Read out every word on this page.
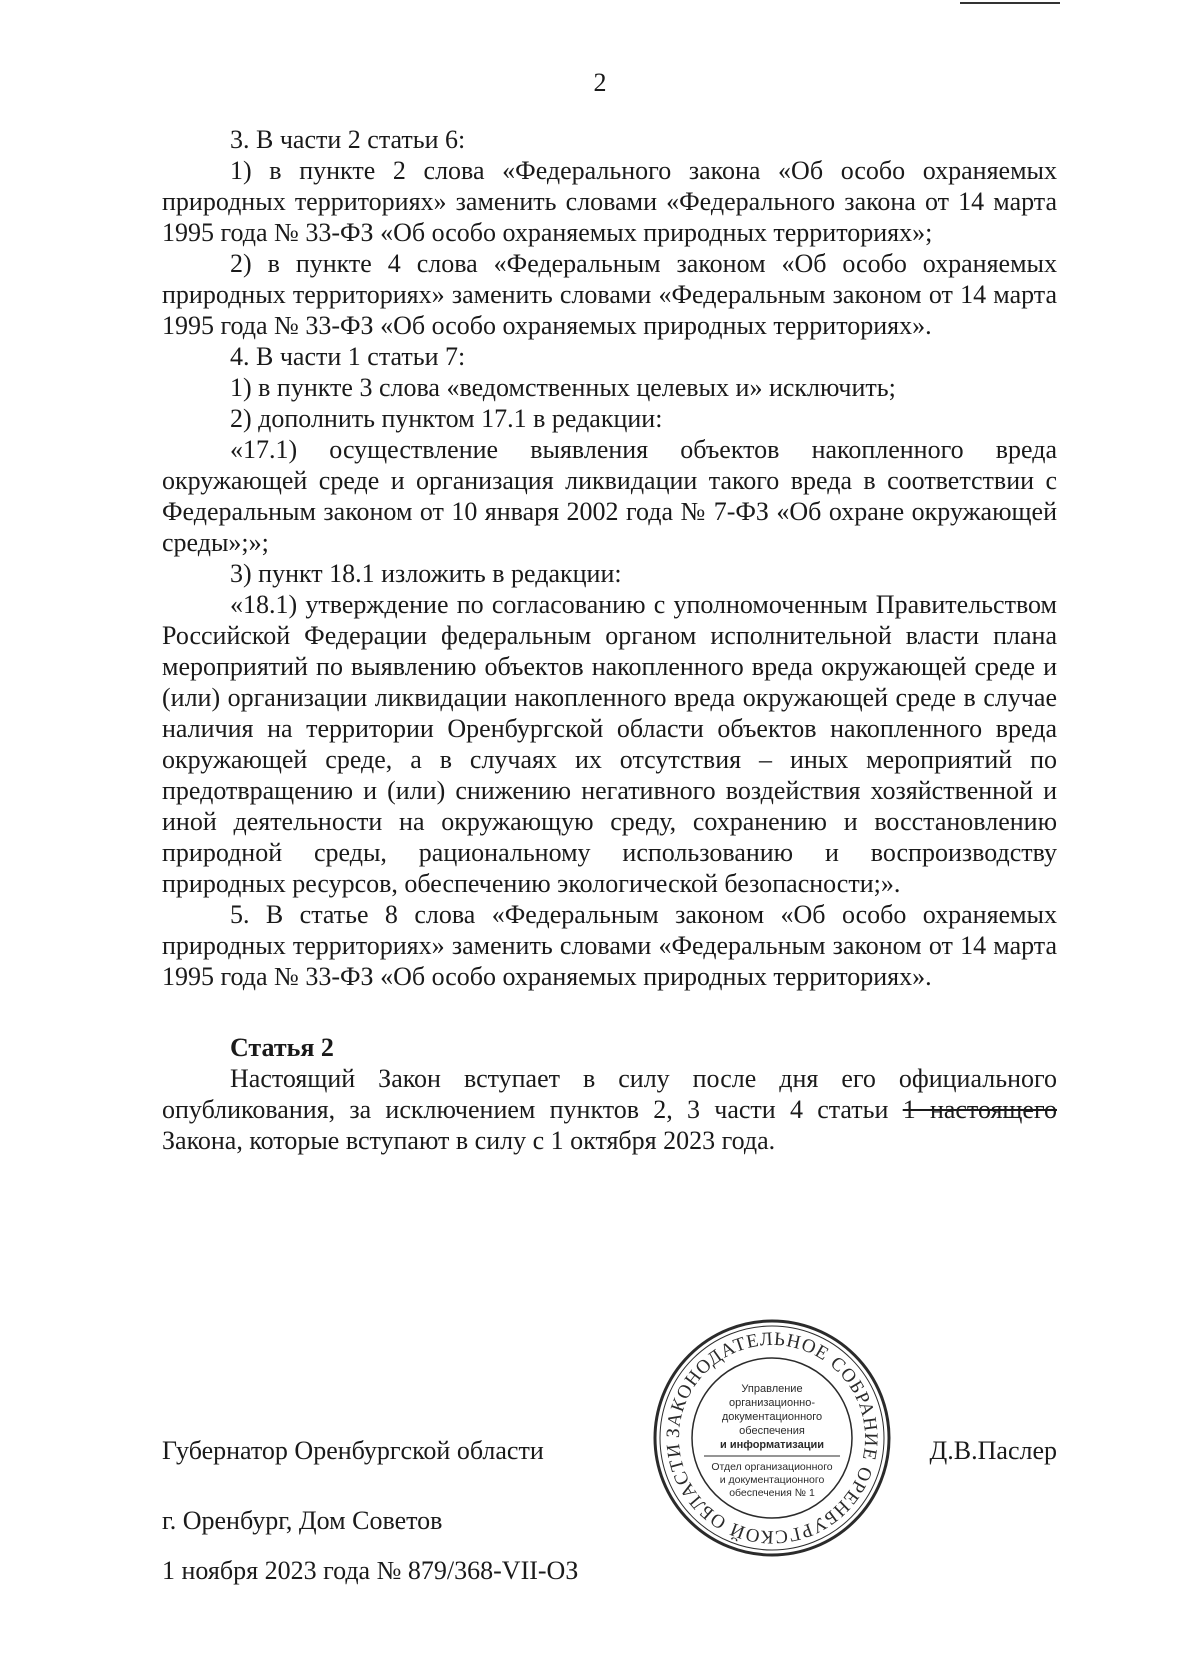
2

3. В части 2 статьи 6:

1) в пункте 2 слова «Федерального закона «Об особо охраняемых природных территориях» заменить словами «Федерального закона от 14 марта 1995 года № 33-ФЗ «Об особо охраняемых природных территориях»;

2) в пункте 4 слова «Федеральным законом «Об особо охраняемых природных территориях» заменить словами «Федеральным законом от 14 марта 1995 года № 33-ФЗ «Об особо охраняемых природных территориях».

4. В части 1 статьи 7:

1) в пункте 3 слова «ведомственных целевых и» исключить;

2) дополнить пунктом 17.1 в редакции:

«17.1) осуществление выявления объектов накопленного вреда окружающей среде и организация ликвидации такого вреда в соответствии с Федеральным законом от 10 января 2002 года № 7-ФЗ «Об охране окружающей среды»;»;

3) пункт 18.1 изложить в редакции:

«18.1) утверждение по согласованию с уполномоченным Правительством Российской Федерации федеральным органом исполнительной власти плана мероприятий по выявлению объектов накопленного вреда окружающей среде и (или) организации ликвидации накопленного вреда окружающей среде в случае наличия на территории Оренбургской области объектов накопленного вреда окружающей среде, а в случаях их отсутствия – иных мероприятий по предотвращению и (или) снижению негативного воздействия хозяйственной и иной деятельности на окружающую среду, сохранению и восстановлению природной среды, рациональному использованию и воспроизводству природных ресурсов, обеспечению экологической безопасности;».

5. В статье 8 слова «Федеральным законом «Об особо охраняемых природных территориях» заменить словами «Федеральным законом от 14 марта 1995 года № 33-ФЗ «Об особо охраняемых природных территориях».

Статья 2

Настоящий Закон вступает в силу после дня его официального опубликования, за исключением пунктов 2, 3 части 4 статьи 1 настоящего Закона, которые вступают в силу с 1 октября 2023 года.

Губернатор Оренбургской области	Д.В.Паслер
г. Оренбург, Дом Советов
1 ноября 2023 года № 879/368-VII-ОЗ
ЗАКОНОДАТЕЛЬНОЕ СОБРАНИЕ ОРЕНБУРГСКОЙ ОБЛАСТИ
Управление
организационно-
документационного
обеспечения
и информатизации
Отдел организационного
и документационного
обеспечения № 1
